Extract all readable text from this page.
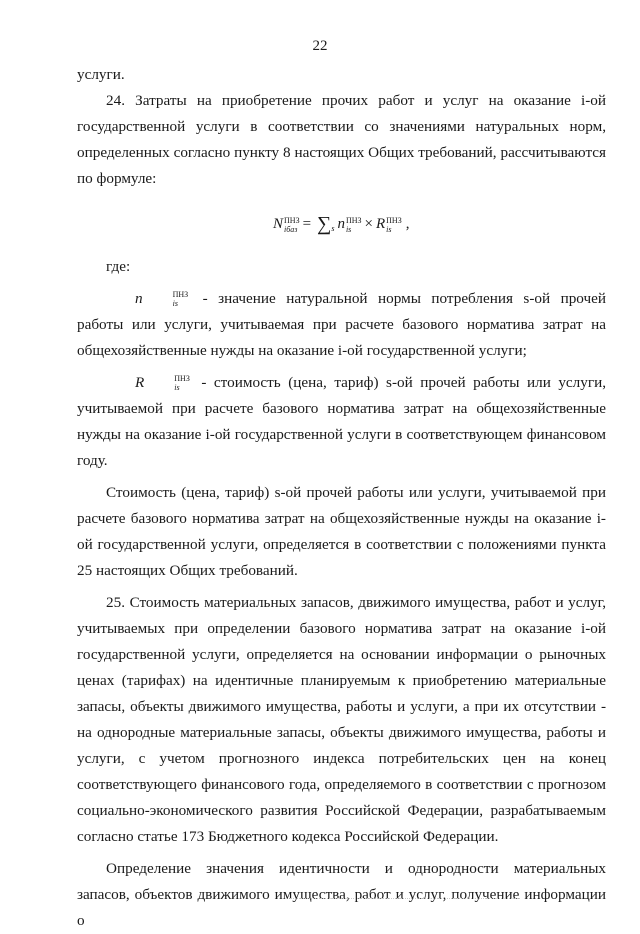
22

услуги.

24. Затраты на приобретение прочих работ и услуг на оказание i-ой государственной услуги в соответствии со значениями натуральных норм, определенных согласно пункту 8 настоящих Общих требований, рассчитываются по формуле:

N ПНЗ
iбаз = ∑ s n ПНЗ
is × R ПНЗ
is ,

где:

n	ПНЗ
is	- значение натуральной нормы потребления s-ой прочей работы или услуги, учитываемая при расчете базового норматива затрат на общехозяйственные нужды на оказание i-ой государственной услуги;

R	ПНЗ
is	- стоимость (цена, тариф) s-ой прочей работы или услуги, учитываемой при расчете базового норматива затрат на общехозяйственные нужды на оказание i-ой государственной услуги в соответствующем финансовом году.

Стоимость (цена, тариф) s-ой прочей работы или услуги, учитываемой при расчете базового норматива затрат на общехозяйственные нужды на оказание i-ой государственной услуги, определяется в соответствии с положениями пункта 25 настоящих Общих требований.

25. Стоимость материальных запасов, движимого имущества, работ и услуг, учитываемых при определении базового норматива затрат на оказание i-ой государственной услуги, определяется на основании информации о рыночных ценах (тарифах) на идентичные планируемым к приобретению материальные запасы, объекты движимого имущества, работы и услуги, а при их отсутствии - на однородные материальные запасы, объекты движимого имущества, работы и услуги, с учетом прогнозного индекса потребительских цен на конец соответствующего финансового года, определяемого в соответствии с прогнозом социально-экономического развития Российской Федерации, разрабатываемым согласно статье 173 Бюджетного кодекса Российской Федерации.

Определение значения идентичности и однородности материальных запасов, объектов движимого имущества, работ и услуг, получение информации о
